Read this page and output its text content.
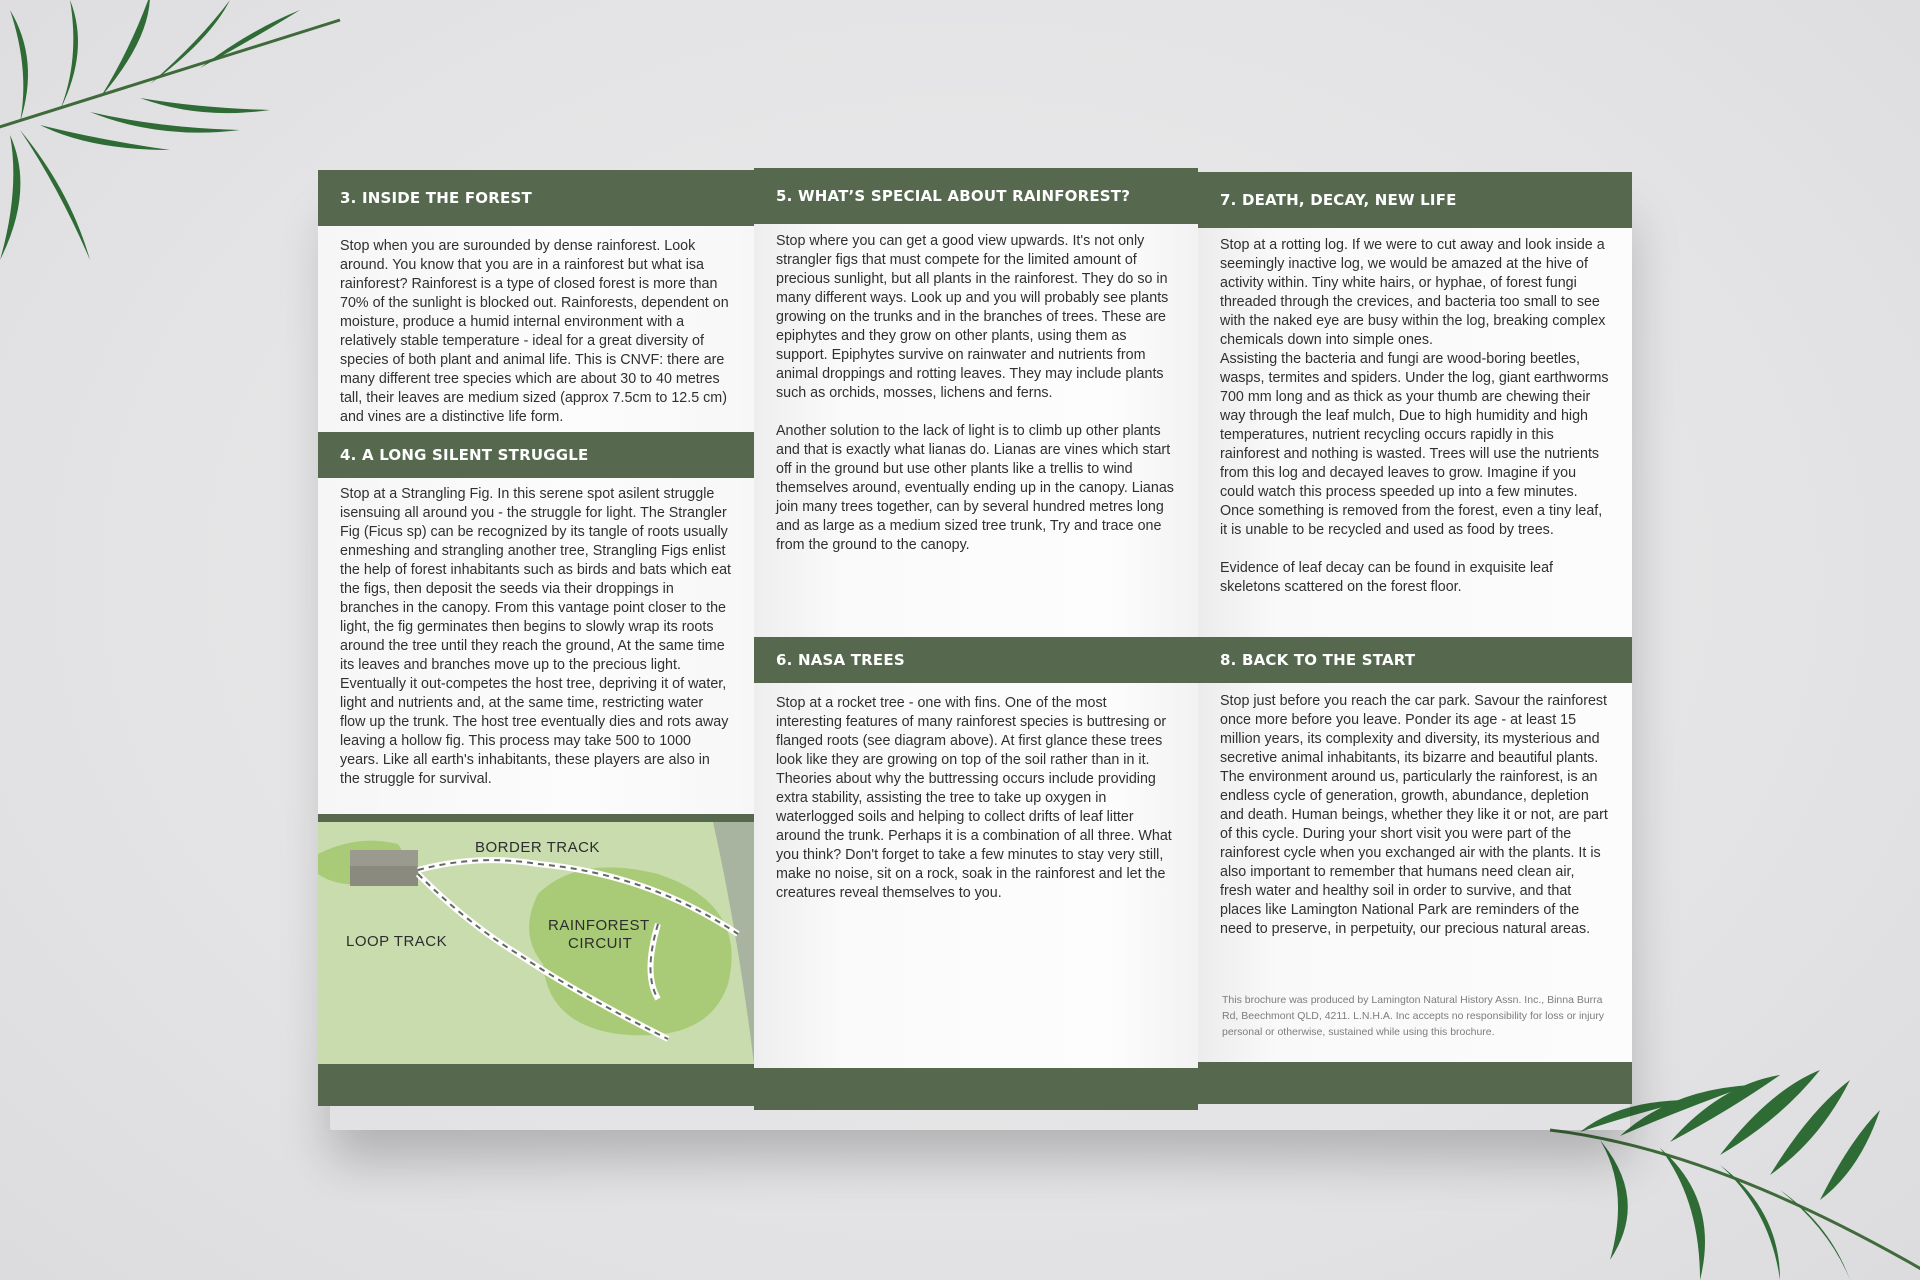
3. INSIDE THE FOREST
Stop when you are surounded by dense rainforest. Look around. You know that you are in a rainforest but what isa rainforest? Rainforest is a type of closed forest is more than 70% of the sunlight is blocked out. Rainforests, dependent on moisture, produce a humid internal environment with a relatively stable temperature - ideal for a great diversity of species of both plant and animal life. This is CNVF: there are many different tree species which are about 30 to 40 metres tall, their leaves are medium sized (approx 7.5cm to 12.5 cm) and vines are a distinctive life form.
4. A LONG SILENT STRUGGLE
Stop at a Strangling Fig. In this serene spot asilent struggle isensuing all around you - the struggle for light. The Strangler Fig (Ficus sp) can be recognized by its tangle of roots usually enmeshing and strangling another tree, Strangling Figs enlist the help of forest inhabitants such as birds and bats which eat the figs, then deposit the seeds via their droppings in branches in the canopy. From this vantage point closer to the light, the fig germinates then begins to slowly wrap its roots around the tree until they reach the ground, At the same time its leaves and branches move up to the precious light. Eventually it out-competes the host tree, depriving it of water, light and nutrients and, at the same time, restricting water flow up the trunk. The host tree eventually dies and rots away leaving a hollow fig. This process may take 500 to 1000 years. Like all earth's inhabitants, these players are also in the struggle for survival.
BORDER TRACK
LOOP TRACK
RAINFOREST
CIRCUIT
5. WHAT’S SPECIAL ABOUT RAINFOREST?
Stop where you can get a good view upwards. It's not only strangler figs that must compete for the limited amount of precious sunlight, but all plants in the rainforest. They do so in many different ways. Look up and you will probably see plants growing on the trunks and in the branches of trees. These are epiphytes and they grow on other plants, using them as support. Epiphytes survive on rainwater and nutrients from animal droppings and rotting leaves. They may include plants such as orchids, mosses, lichens and ferns.

Another solution to the lack of light is to climb up other plants and that is exactly what lianas do. Lianas are vines which start off in the ground but use other plants like a trellis to wind themselves around, eventually ending up in the canopy. Lianas join many trees together, can by several hundred metres long and as large as a medium sized tree trunk, Try and trace one from the ground to the canopy.
6. NASA TREES
Stop at a rocket tree - one with fins. One of the most interesting features of many rainforest species is buttresing or flanged roots (see diagram above). At first glance these trees look like they are growing on top of the soil rather than in it. Theories about why the buttressing occurs include providing extra stability, assisting the tree to take up oxygen in waterlogged soils and helping to collect drifts of leaf litter around the trunk. Perhaps it is a combination of all three. What you think? Don't forget to take a few minutes to stay very still, make no noise, sit on a rock, soak in the rainforest and let the creatures reveal themselves to you.
7. DEATH, DECAY, NEW LIFE
Stop at a rotting log. If we were to cut away and look inside a seemingly inactive log, we would be amazed at the hive of activity within. Tiny white hairs, or hyphae, of forest fungi threaded through the crevices, and bacteria too small to see with the naked eye are busy within the log, breaking complex chemicals down into simple ones.
Assisting the bacteria and fungi are wood-boring beetles, wasps, termites and spiders. Under the log, giant earthworms 700 mm long and as thick as your thumb are chewing their way through the leaf mulch, Due to high humidity and high temperatures, nutrient recycling occurs rapidly in this rainforest and nothing is wasted. Trees will use the nutrients from this log and decayed leaves to grow. Imagine if you could watch this process speeded up into a few minutes. Once something is removed from the forest, even a tiny leaf, it is unable to be recycled and used as food by trees.

Evidence of leaf decay can be found in exquisite leaf skeletons scattered on the forest floor.
8. BACK TO THE START
Stop just before you reach the car park. Savour the rainforest once more before you leave. Ponder its age - at least 15 million years, its complexity and diversity, its mysterious and secretive animal inhabitants, its bizarre and beautiful plants. The environment around us, particularly the rainforest, is an endless cycle of generation, growth, abundance, depletion and death. Human beings, whether they like it or not, are part of this cycle. During your short visit you were part of the rainforest cycle when you exchanged air with the plants. It is also important to remember that humans need clean air, fresh water and healthy soil in order to survive, and that places like Lamington National Park are reminders of the need to preserve, in perpetuity, our precious natural areas.
This brochure was produced by Lamington Natural History Assn. Inc., Binna Burra Rd, Beechmont QLD, 4211. L.N.H.A. Inc accepts no responsibility for loss or injury personal or otherwise, sustained while using this brochure.
